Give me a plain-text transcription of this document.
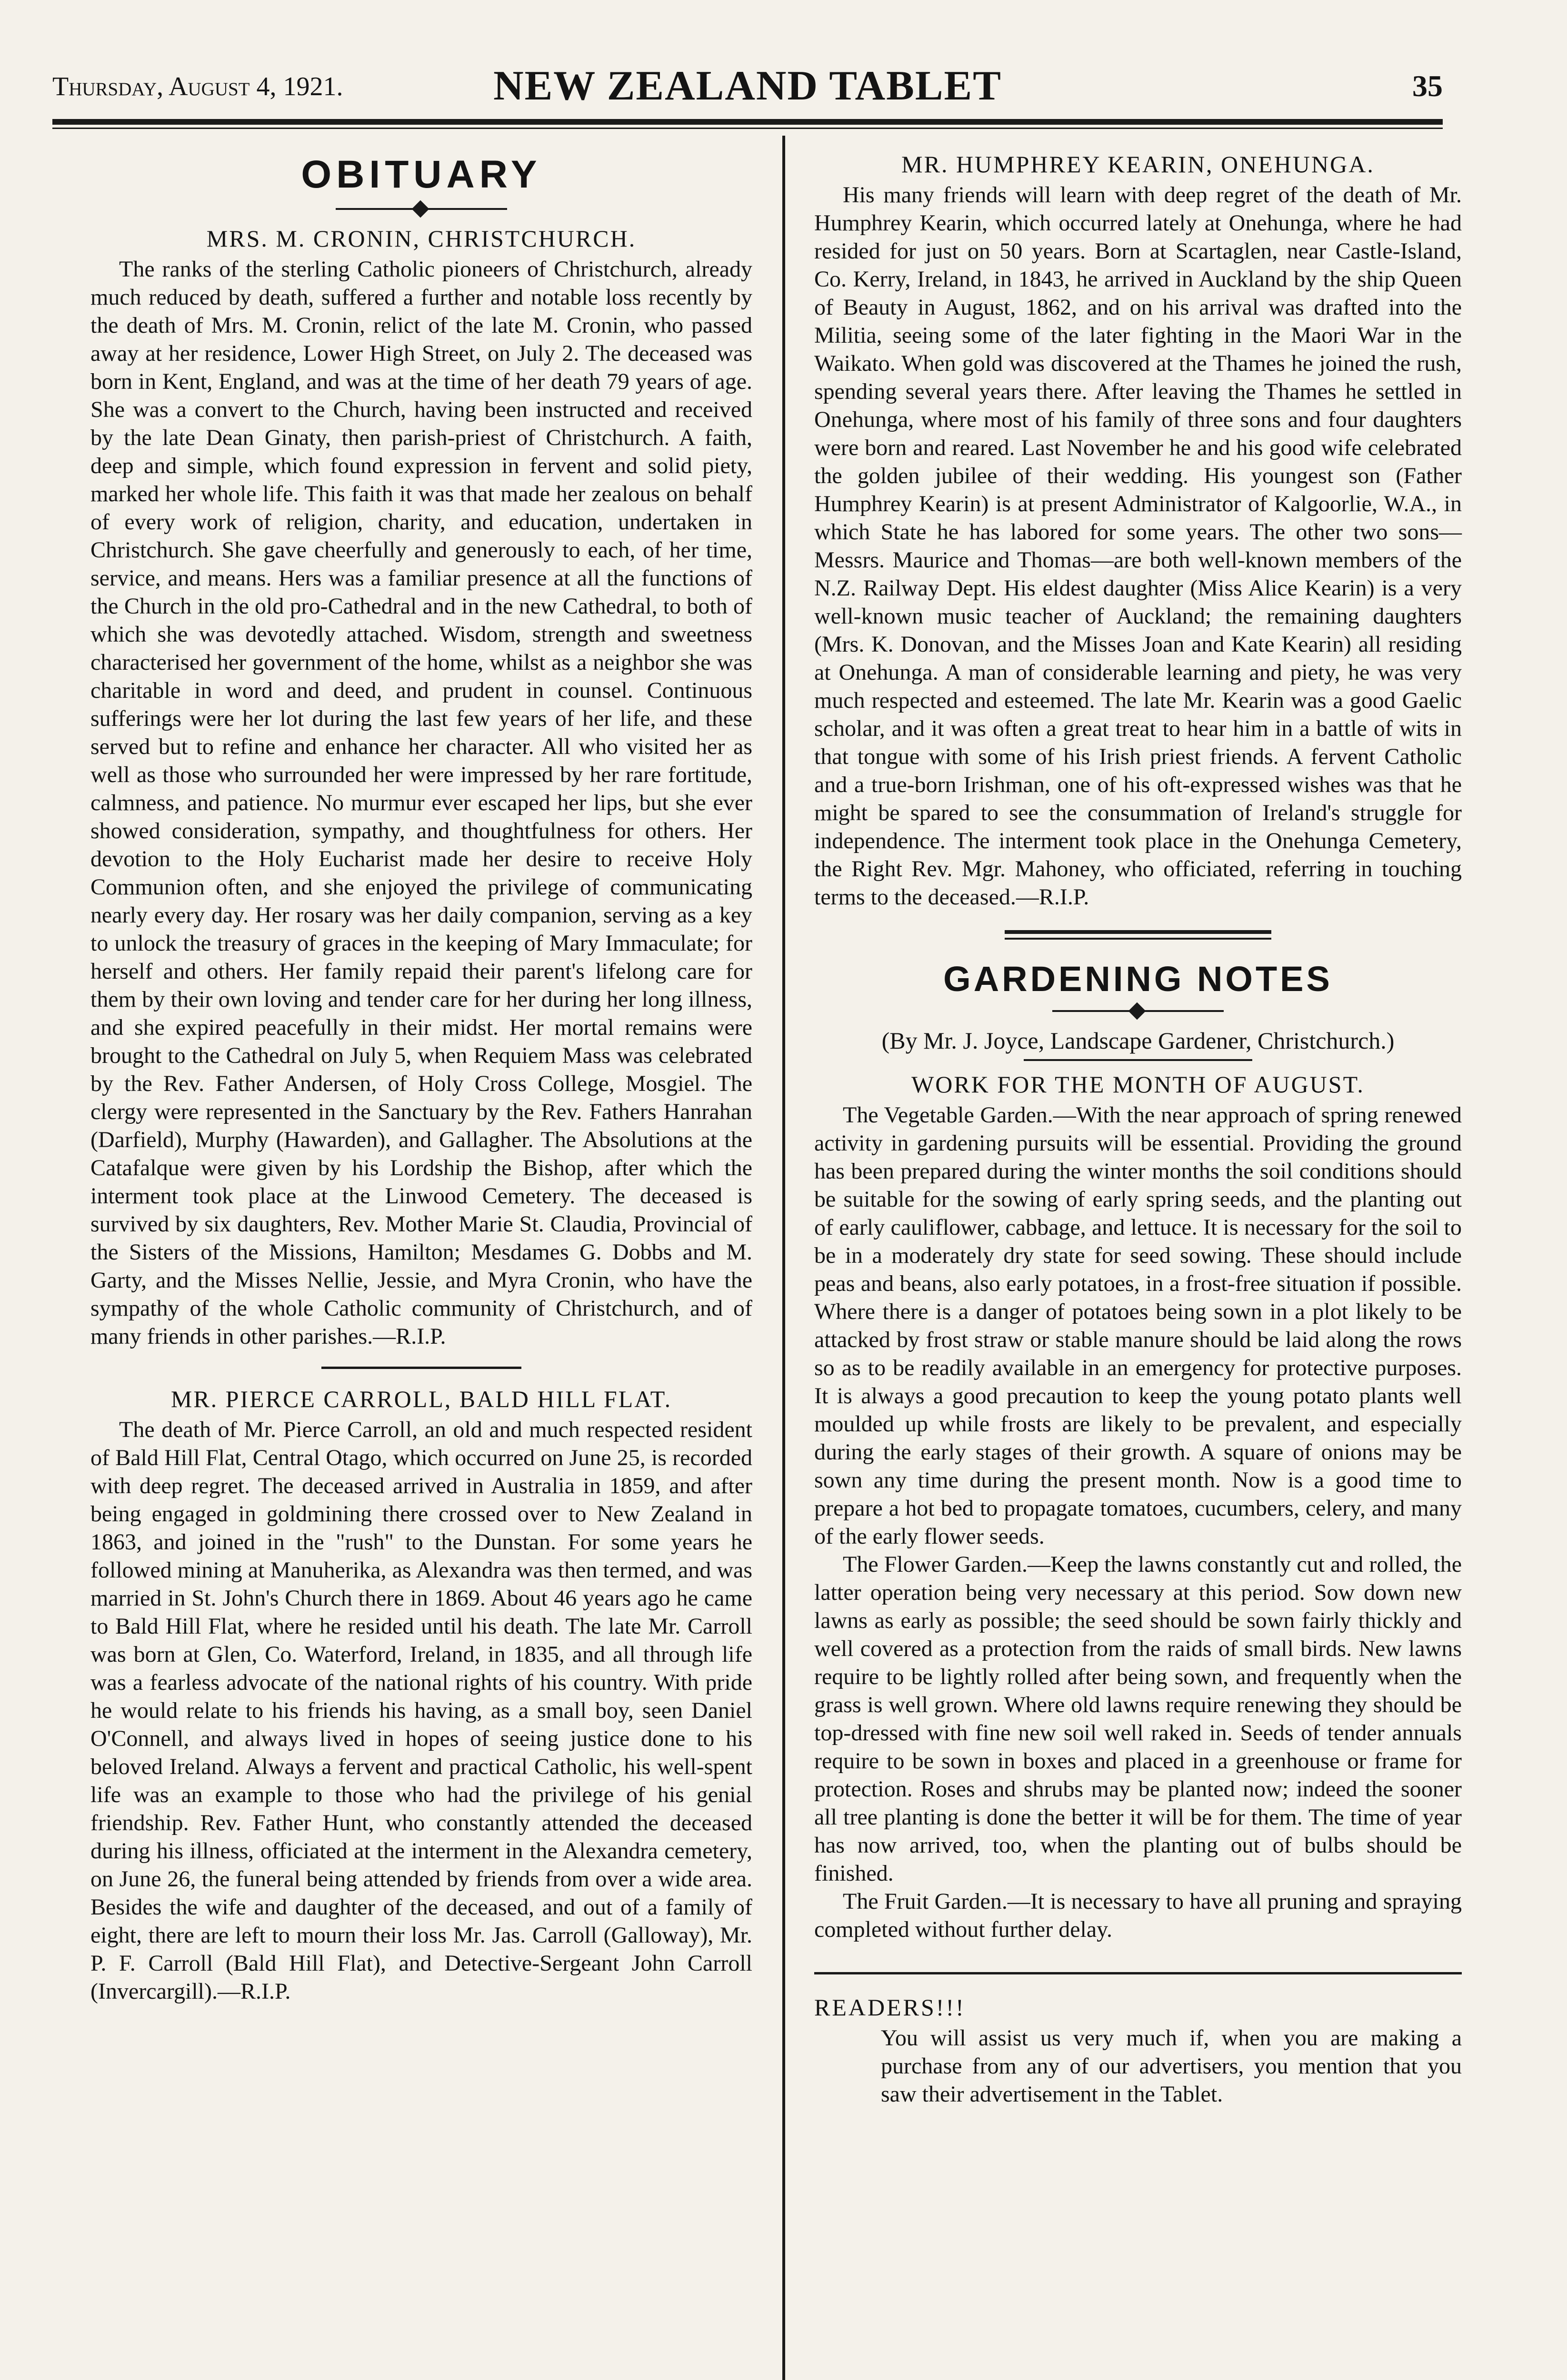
Thursday, August 4, 1921.	NEW ZEALAND TABLET	35
OBITUARY
MRS. M. CRONIN, CHRISTCHURCH.

The ranks of the sterling Catholic pioneers of Christchurch, already much reduced by death, suffered a further and notable loss recently by the death of Mrs. M. Cronin, relict of the late M. Cronin, who passed away at her residence, Lower High Street, on July 2. The deceased was born in Kent, England, and was at the time of her death 79 years of age. She was a convert to the Church, having been instructed and received by the late Dean Ginaty, then parish-priest of Christchurch. A faith, deep and simple, which found expression in fervent and solid piety, marked her whole life. This faith it was that made her zealous on behalf of every work of religion, charity, and education, undertaken in Christchurch. She gave cheerfully and generously to each, of her time, service, and means. Hers was a familiar presence at all the functions of the Church in the old pro-Cathedral and in the new Cathedral, to both of which she was devotedly attached. Wisdom, strength and sweetness characterised her government of the home, whilst as a neighbor she was charitable in word and deed, and prudent in counsel. Continuous sufferings were her lot during the last few years of her life, and these served but to refine and enhance her character. All who visited her as well as those who surrounded her were impressed by her rare fortitude, calmness, and patience. No murmur ever escaped her lips, but she ever showed consideration, sympathy, and thoughtfulness for others. Her devotion to the Holy Eucharist made her desire to receive Holy Communion often, and she enjoyed the privilege of communicating nearly every day. Her rosary was her daily companion, serving as a key to unlock the treasury of graces in the keeping of Mary Immaculate; for herself and others. Her family repaid their parent's lifelong care for them by their own loving and tender care for her during her long illness, and she expired peacefully in their midst. Her mortal remains were brought to the Cathedral on July 5, when Requiem Mass was celebrated by the Rev. Father Andersen, of Holy Cross College, Mosgiel. The clergy were represented in the Sanctuary by the Rev. Fathers Hanrahan (Darfield), Murphy (Hawarden), and Gallagher. The Absolutions at the Catafalque were given by his Lordship the Bishop, after which the interment took place at the Linwood Cemetery. The deceased is survived by six daughters, Rev. Mother Marie St. Claudia, Provincial of the Sisters of the Missions, Hamilton; Mesdames G. Dobbs and M. Garty, and the Misses Nellie, Jessie, and Myra Cronin, who have the sympathy of the whole Catholic community of Christchurch, and of many friends in other parishes.—R.I.P.

MR. PIERCE CARROLL, BALD HILL FLAT.

The death of Mr. Pierce Carroll, an old and much respected resident of Bald Hill Flat, Central Otago, which occurred on June 25, is recorded with deep regret. The deceased arrived in Australia in 1859, and after being engaged in goldmining there crossed over to New Zealand in 1863, and joined in the "rush" to the Dunstan. For some years he followed mining at Manuherika, as Alexandra was then termed, and was married in St. John's Church there in 1869. About 46 years ago he came to Bald Hill Flat, where he resided until his death. The late Mr. Carroll was born at Glen, Co. Waterford, Ireland, in 1835, and all through life was a fearless advocate of the national rights of his country. With pride he would relate to his friends his having, as a small boy, seen Daniel O'Connell, and always lived in hopes of seeing justice done to his beloved Ireland. Always a fervent and practical Catholic, his well-spent life was an example to those who had the privilege of his genial friendship. Rev. Father Hunt, who constantly attended the deceased during his illness, officiated at the interment in the Alexandra cemetery, on June 26, the funeral being attended by friends from over a wide area. Besides the wife and daughter of the deceased, and out of a family of eight, there are left to mourn their loss Mr. Jas. Carroll (Galloway), Mr. P. F. Carroll (Bald Hill Flat), and Detective-Sergeant John Carroll (Invercargill).—R.I.P.

MR. HUMPHREY KEARIN, ONEHUNGA.

His many friends will learn with deep regret of the death of Mr. Humphrey Kearin, which occurred lately at Onehunga, where he had resided for just on 50 years. Born at Scartaglen, near Castle-Island, Co. Kerry, Ireland, in 1843, he arrived in Auckland by the ship Queen of Beauty in August, 1862, and on his arrival was drafted into the Militia, seeing some of the later fighting in the Maori War in the Waikato. When gold was discovered at the Thames he joined the rush, spending several years there. After leaving the Thames he settled in Onehunga, where most of his family of three sons and four daughters were born and reared. Last November he and his good wife celebrated the golden jubilee of their wedding. His youngest son (Father Humphrey Kearin) is at present Administrator of Kalgoorlie, W.A., in which State he has labored for some years. The other two sons—Messrs. Maurice and Thomas—are both well-known members of the N.Z. Railway Dept. His eldest daughter (Miss Alice Kearin) is a very well-known music teacher of Auckland; the remaining daughters (Mrs. K. Donovan, and the Misses Joan and Kate Kearin) all residing at Onehunga. A man of considerable learning and piety, he was very much respected and esteemed. The late Mr. Kearin was a good Gaelic scholar, and it was often a great treat to hear him in a battle of wits in that tongue with some of his Irish priest friends. A fervent Catholic and a true-born Irishman, one of his oft-expressed wishes was that he might be spared to see the consummation of Ireland's struggle for independence. The interment took place in the Onehunga Cemetery, the Right Rev. Mgr. Mahoney, who officiated, referring in touching terms to the deceased.—R.I.P.

GARDENING NOTES
(By Mr. J. Joyce, Landscape Gardener, Christchurch.)
WORK FOR THE MONTH OF AUGUST.

The Vegetable Garden.—With the near approach of spring renewed activity in gardening pursuits will be essential. Providing the ground has been prepared during the winter months the soil conditions should be suitable for the sowing of early spring seeds, and the planting out of early cauliflower, cabbage, and lettuce. It is necessary for the soil to be in a moderately dry state for seed sowing. These should include peas and beans, also early potatoes, in a frost-free situation if possible. Where there is a danger of potatoes being sown in a plot likely to be attacked by frost straw or stable manure should be laid along the rows so as to be readily available in an emergency for protective purposes. It is always a good precaution to keep the young potato plants well moulded up while frosts are likely to be prevalent, and especially during the early stages of their growth. A square of onions may be sown any time during the present month. Now is a good time to prepare a hot bed to propagate tomatoes, cucumbers, celery, and many of the early flower seeds.

The Flower Garden.—Keep the lawns constantly cut and rolled, the latter operation being very necessary at this period. Sow down new lawns as early as possible; the seed should be sown fairly thickly and well covered as a protection from the raids of small birds. New lawns require to be lightly rolled after being sown, and frequently when the grass is well grown. Where old lawns require renewing they should be top-dressed with fine new soil well raked in. Seeds of tender annuals require to be sown in boxes and placed in a greenhouse or frame for protection. Roses and shrubs may be planted now; indeed the sooner all tree planting is done the better it will be for them. The time of year has now arrived, too, when the planting out of bulbs should be finished.

The Fruit Garden.—It is necessary to have all pruning and spraying completed without further delay.

READERS!!!
You will assist us very much if, when you are making a purchase from any of our advertisers, you mention that you saw their advertisement in the Tablet.
